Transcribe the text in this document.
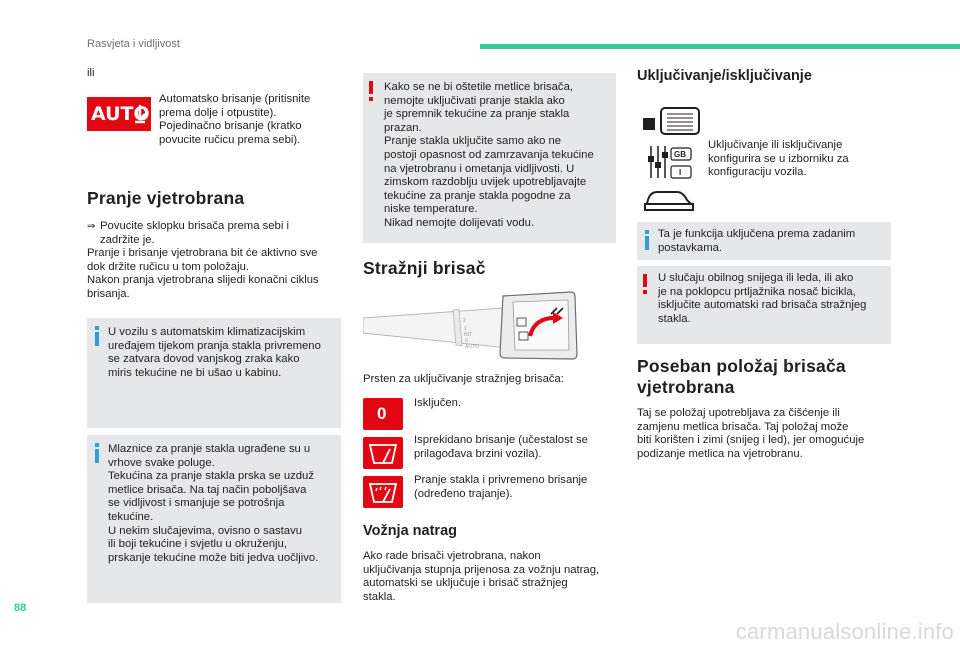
Rasvjeta i vidljivost
88
ili
AUTO
Automatsko brisanje (pritisnite
prema dolje i otpustite).
Pojedinačno brisanje (kratko
povucite ručicu prema sebi).
Pranje vjetrobrana
⇒ Povucite sklopku brisača prema sebi i
zadržite je.
Pranje i brisanje vjetrobrana bit će aktivno sve
dok držite ručicu u tom položaju.
Nakon pranja vjetrobrana slijedi konačni ciklus
brisanja.
U vozilu s automatskim klimatizacijskim
uređajem tijekom pranja stakla privremeno
se zatvara dovod vanjskog zraka kako
miris tekućine ne bi ušao u kabinu.
Mlaznice za pranje stakla ugrađene su u
vrhove svake poluge.
Tekućina za pranje stakla prska se uzduž
metlice brisača. Na taj način poboljšava
se vidljivost i smanjuje se potrošnja
tekućine.
U nekim slučajevima, ovisno o sastavu
ili boji tekućine i svjetlu u okruženju,
prskanje tekućine može biti jedva uočljivo.
Kako se ne bi oštetile metlice brisača,
nemojte uključivati pranje stakla ako
je spremnik tekućine za pranje stakla
prazan.
Pranje stakla uključite samo ako ne
postoji opasnost od zamrzavanja tekućine
na vjetrobranu i ometanja vidljivosti. U
zimskom razdoblju uvijek upotrebljavajte
tekućine za pranje stakla pogodne za
niske temperature.
Nikad nemojte dolijevati vodu.
Stražnji brisač
2
1
INT
0
AUTO
Prsten za uključivanje stražnjeg brisača:
0
Isključen.
Isprekidano brisanje (učestalost se
prilagođava brzini vozila).
Pranje stakla i privremeno brisanje
(određeno trajanje).
Vožnja natrag
Ako rade brisači vjetrobrana, nakon
uključivanja stupnja prijenosa za vožnju natrag,
automatski se uključuje i brisač stražnjeg
stakla.
Uključivanje/isključivanje
GB
I
Uključivanje ili isključivanje
konfigurira se u izborniku za
konfiguraciju vozila.
Ta je funkcija uključena prema zadanim
postavkama.
U slučaju obilnog snijega ili leda, ili ako
je na poklopcu prtljažnika nosač bicikla,
isključite automatski rad brisača stražnjeg
stakla.
Poseban položaj brisača
vjetrobrana
Taj se položaj upotrebljava za čišćenje ili
zamjenu metlica brisača. Taj položaj može
biti korišten i zimi (snijeg i led), jer omogućuje
podizanje metlica na vjetrobranu.
carmanualsonline.info
